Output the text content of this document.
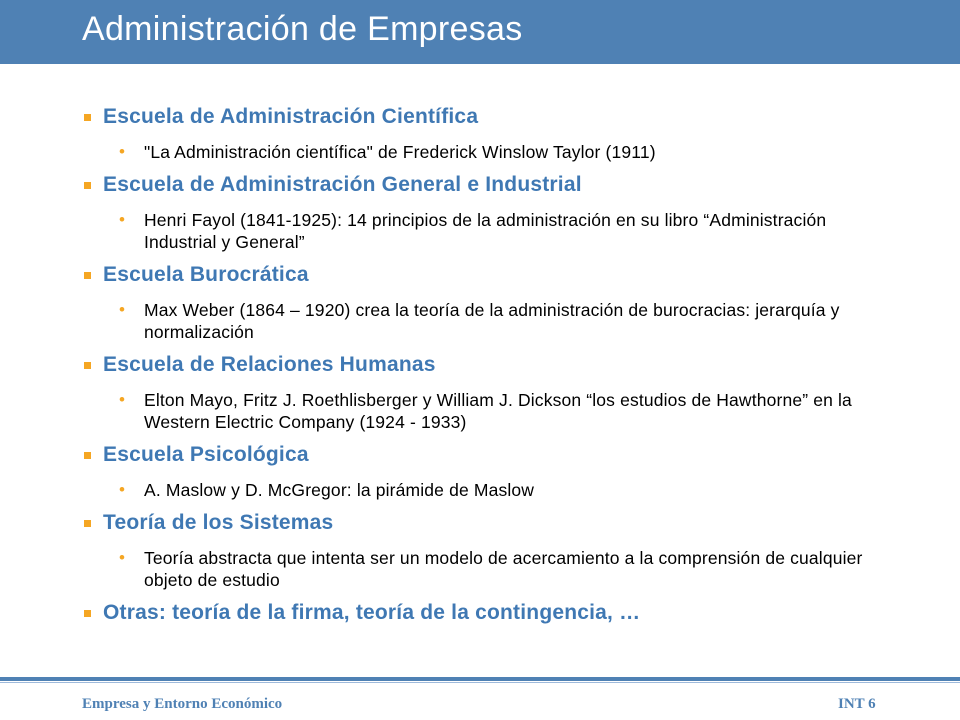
Administración de Empresas
Escuela de Administración Científica
• "La Administración científica" de Frederick Winslow Taylor (1911)
Escuela de Administración General e Industrial
• Henri Fayol (1841-1925): 14 principios de la administración en su libro “Administración Industrial y General”
Escuela Burocrática
• Max Weber (1864 – 1920) crea la teoría de la administración de burocracias: jerarquía y normalización
Escuela de Relaciones Humanas
• Elton Mayo, Fritz J. Roethlisberger y William J. Dickson “los estudios de Hawthorne” en la Western Electric Company (1924 - 1933)
Escuela Psicológica
• A. Maslow y D. McGregor: la pirámide de Maslow
Teoría de los Sistemas
• Teoría abstracta que intenta ser un modelo de acercamiento a la comprensión de cualquier objeto de estudio
Otras: teoría de la firma, teoría de la contingencia, …
Empresa y Entorno Económico	INT 6
